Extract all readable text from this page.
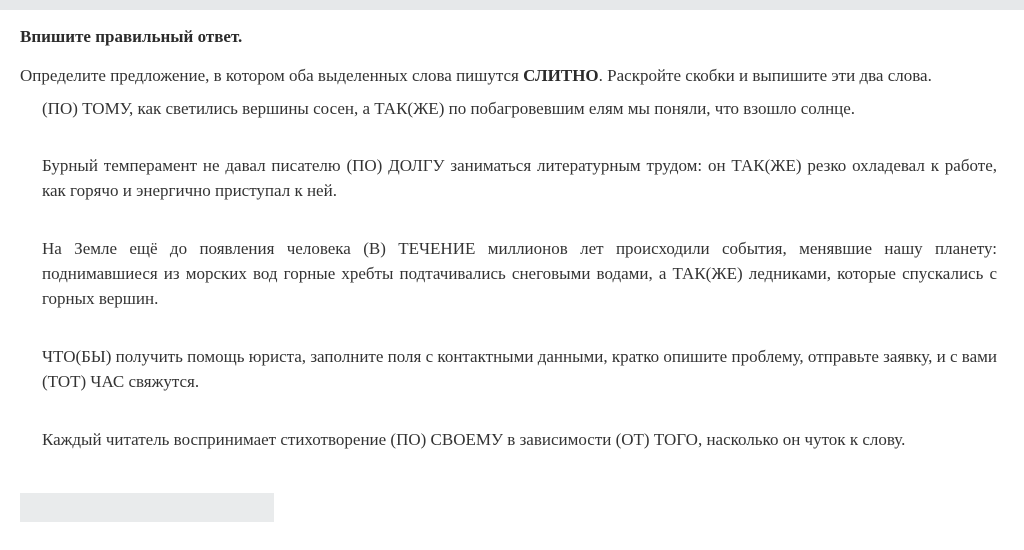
Впишите правильный ответ.
Определите предложение, в котором оба выделенных слова пишутся СЛИТНО. Раскройте скобки и выпишите эти два слова.

(ПО) ТОМУ, как светились вершины сосен, а ТАК(ЖЕ) по побагровевшим елям мы поняли, что взошло солнце.

Бурный темперамент не давал писателю (ПО) ДОЛГУ заниматься литературным трудом: он ТАК(ЖЕ) резко охладевал к работе, как горячо и энергично приступал к ней.

На Земле ещё до появления человека (В) ТЕЧЕНИЕ миллионов лет происходили события, менявшие нашу планету: поднимавшиеся из морских вод горные хребты подтачивались снеговыми водами, а ТАК(ЖЕ) ледниками, которые спускались с горных вершин.

ЧТО(БЫ) получить помощь юриста, заполните поля с контактными данными, кратко опишите проблему, отправьте заявку, и с вами (ТОТ) ЧАС свяжутся.

Каждый читатель воспринимает стихотворение (ПО) СВОЕМУ в зависимости (ОТ) ТОГО, насколько он чуток к слову.
